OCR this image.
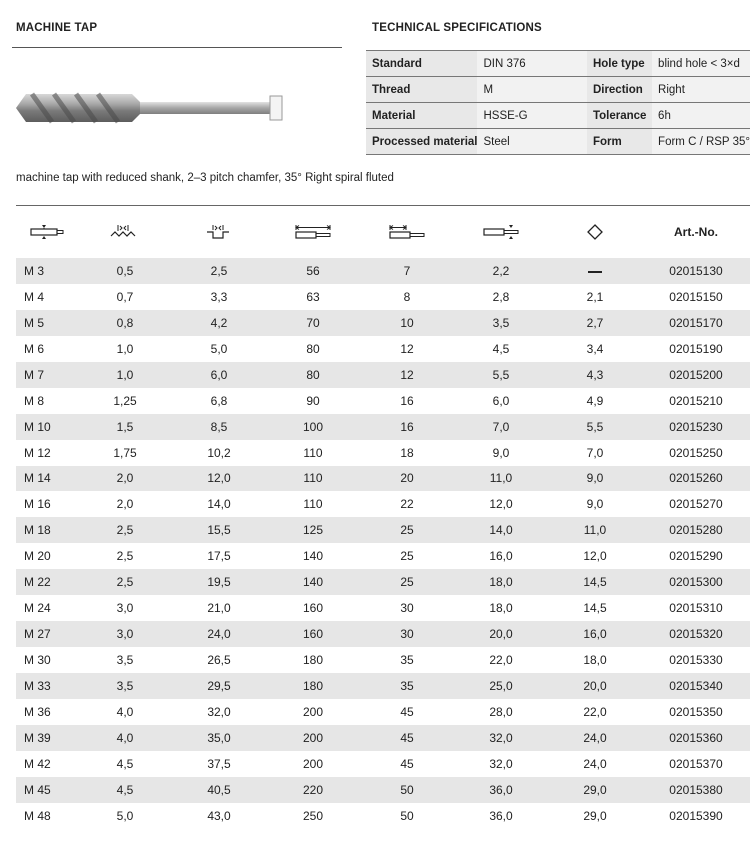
MACHINE TAP	TECHNICAL SPECIFICATIONS
Standard	DIN 376	Hole type	blind hole < 3×d
Thread	M	Direction	Right
Material	HSSE-G	Tolerance	6h
Processed material	Steel	Form	Form C / RSP 35°
machine tap with reduced shank, 2–3 pitch chamfer, 35° Right spiral fluted

	Art.-No.
M 3	0,5	2,5	56	7	2,2		02015130
M 4	0,7	3,3	63	8	2,8	2,1	02015150
M 5	0,8	4,2	70	10	3,5	2,7	02015170
M 6	1,0	5,0	80	12	4,5	3,4	02015190
M 7	1,0	6,0	80	12	5,5	4,3	02015200
M 8	1,25	6,8	90	16	6,0	4,9	02015210
M 10	1,5	8,5	100	16	7,0	5,5	02015230
M 12	1,75	10,2	110	18	9,0	7,0	02015250
M 14	2,0	12,0	110	20	11,0	9,0	02015260
M 16	2,0	14,0	110	22	12,0	9,0	02015270
M 18	2,5	15,5	125	25	14,0	11,0	02015280
M 20	2,5	17,5	140	25	16,0	12,0	02015290
M 22	2,5	19,5	140	25	18,0	14,5	02015300
M 24	3,0	21,0	160	30	18,0	14,5	02015310
M 27	3,0	24,0	160	30	20,0	16,0	02015320
M 30	3,5	26,5	180	35	22,0	18,0	02015330
M 33	3,5	29,5	180	35	25,0	20,0	02015340
M 36	4,0	32,0	200	45	28,0	22,0	02015350
M 39	4,0	35,0	200	45	32,0	24,0	02015360
M 42	4,5	37,5	200	45	32,0	24,0	02015370
M 45	4,5	40,5	220	50	36,0	29,0	02015380
M 48	5,0	43,0	250	50	36,0	29,0	02015390
